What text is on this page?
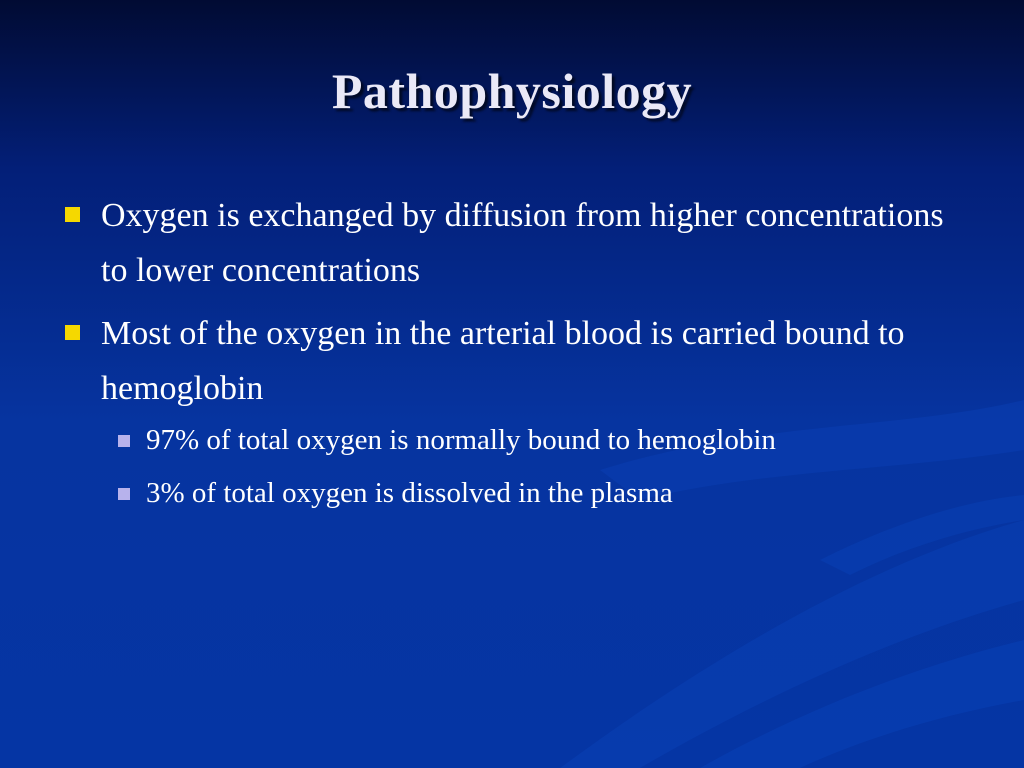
Pathophysiology
Oxygen is exchanged by diffusion from higher concentrations to lower concentrations
Most of the oxygen in the arterial blood is carried bound to hemoglobin
97% of total oxygen is normally bound to hemoglobin
3% of total oxygen is dissolved in the plasma
